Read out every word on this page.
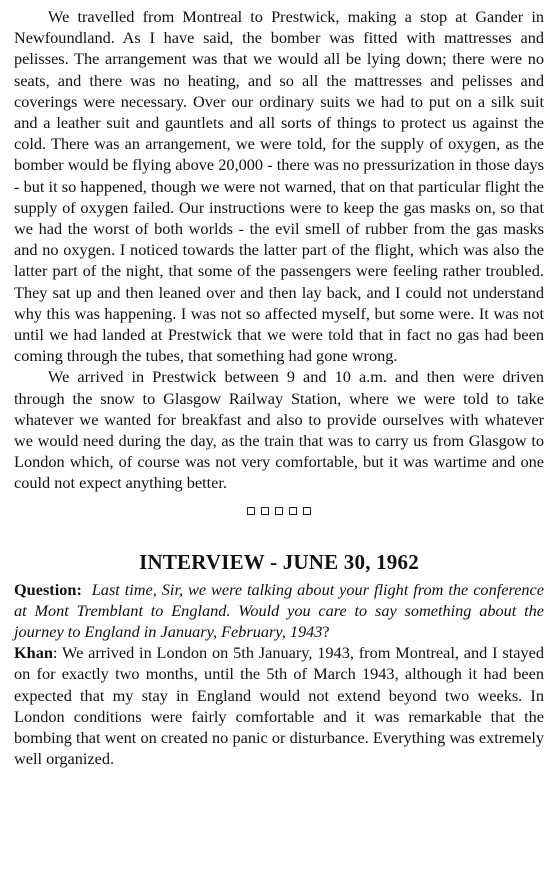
We travelled from Montreal to Prestwick, making a stop at Gander in Newfoundland. As I have said, the bomber was fitted with mattresses and pelisses. The arrangement was that we would all be lying down; there were no seats, and there was no heating, and so all the mattresses and pelisses and coverings were necessary. Over our ordinary suits we had to put on a silk suit and a leather suit and gauntlets and all sorts of things to protect us against the cold. There was an arrangement, we were told, for the supply of oxygen, as the bomber would be flying above 20,000 - there was no pressurization in those days - but it so happened, though we were not warned, that on that particular flight the supply of oxygen failed. Our instructions were to keep the gas masks on, so that we had the worst of both worlds - the evil smell of rubber from the gas masks and no oxygen. I noticed towards the latter part of the flight, which was also the latter part of the night, that some of the passengers were feeling rather troubled. They sat up and then leaned over and then lay back, and I could not understand why this was happening. I was not so affected myself, but some were. It was not until we had landed at Prestwick that we were told that in fact no gas had been coming through the tubes, that something had gone wrong.

We arrived in Prestwick between 9 and 10 a.m. and then were driven through the snow to Glasgow Railway Station, where we were told to take whatever we wanted for breakfast and also to provide ourselves with whatever we would need during the day, as the train that was to carry us from Glasgow to London which, of course was not very comfortable, but it was wartime and one could not expect anything better.

INTERVIEW - JUNE 30, 1962

Question: Last time, Sir, we were talking about your flight from the conference at Mont Tremblant to England. Would you care to say something about the journey to England in January, February, 1943?

Khan: We arrived in London on 5th January, 1943, from Montreal, and I stayed on for exactly two months, until the 5th of March 1943, although it had been expected that my stay in England would not extend beyond two weeks. In London conditions were fairly comfortable and it was remarkable that the bombing that went on created no panic or disturbance. Everything was extremely well organized.
